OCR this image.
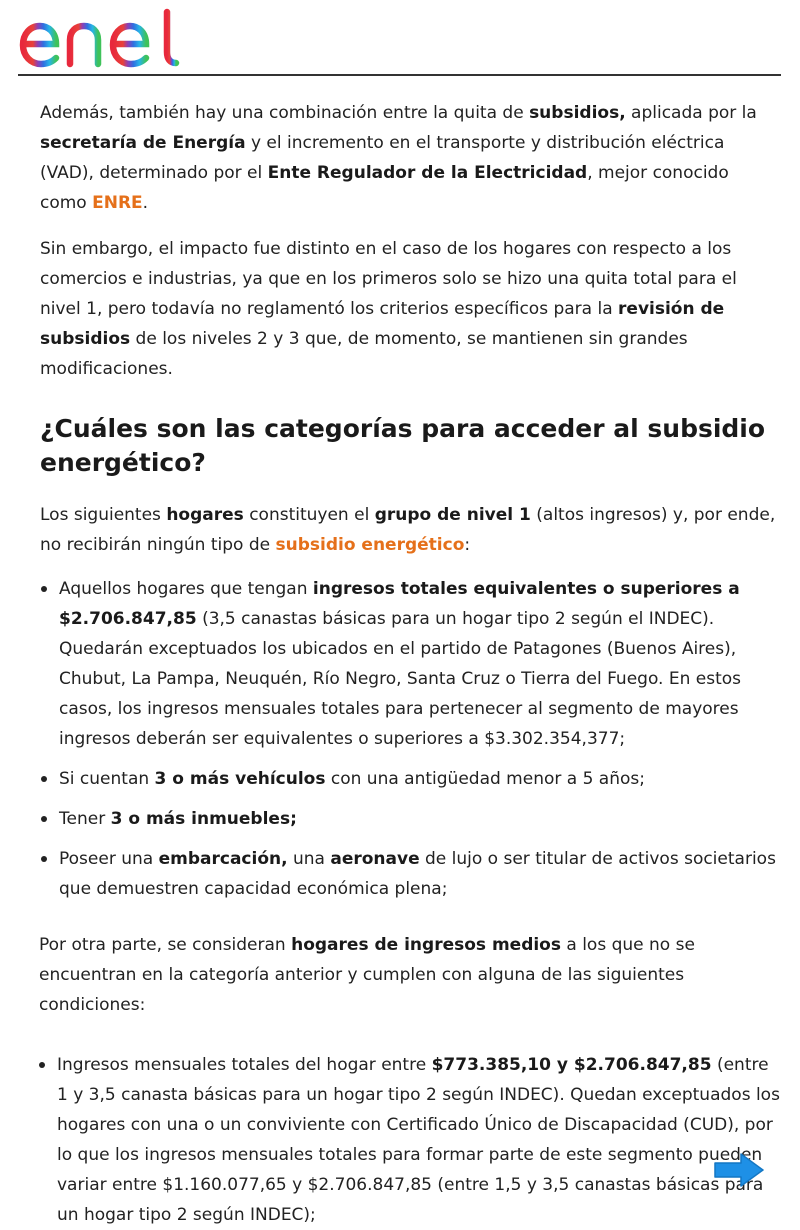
Además, también hay una combinación entre la quita de subsidios, aplicada por la secretaría de Energía y el incremento en el transporte y distribución eléctrica (VAD), determinado por el Ente Regulador de la Electricidad, mejor conocido como ENRE.

Sin embargo, el impacto fue distinto en el caso de los hogares con respecto a los comercios e industrias, ya que en los primeros solo se hizo una quita total para el nivel 1, pero todavía no reglamentó los criterios específicos para la revisión de subsidios de los niveles 2 y 3 que, de momento, se mantienen sin grandes modificaciones.

¿Cuáles son las categorías para acceder al subsidio energético?

Los siguientes hogares constituyen el grupo de nivel 1 (altos ingresos) y, por ende, no recibirán ningún tipo de subsidio energético:

Aquellos hogares que tengan ingresos totales equivalentes o superiores a $2.706.847,85 (3,5 canastas básicas para un hogar tipo 2 según el INDEC). Quedarán exceptuados los ubicados en el partido de Patagones (Buenos Aires), Chubut, La Pampa, Neuquén, Río Negro, Santa Cruz o Tierra del Fuego. En estos casos, los ingresos mensuales totales para pertenecer al segmento de mayores ingresos deberán ser equivalentes o superiores a $3.302.354,377;
Si cuentan 3 o más vehículos con una antigüedad menor a 5 años;
Tener 3 o más inmuebles;
Poseer una embarcación, una aeronave de lujo o ser titular de activos societarios que demuestren capacidad económica plena;

Por otra parte, se consideran hogares de ingresos medios a los que no se encuentran en la categoría anterior y cumplen con alguna de las siguientes condiciones:

Ingresos mensuales totales del hogar entre $773.385,10 y $2.706.847,85 (entre 1 y 3,5 canasta básicas para un hogar tipo 2 según INDEC). Quedan exceptuados los hogares con una o un conviviente con Certificado Único de Discapacidad (CUD), por lo que los ingresos mensuales totales para formar parte de este segmento pueden variar entre $1.160.077,65 y $2.706.847,85 (entre 1,5 y 3,5 canastas básicas para un hogar tipo 2 según INDEC);
